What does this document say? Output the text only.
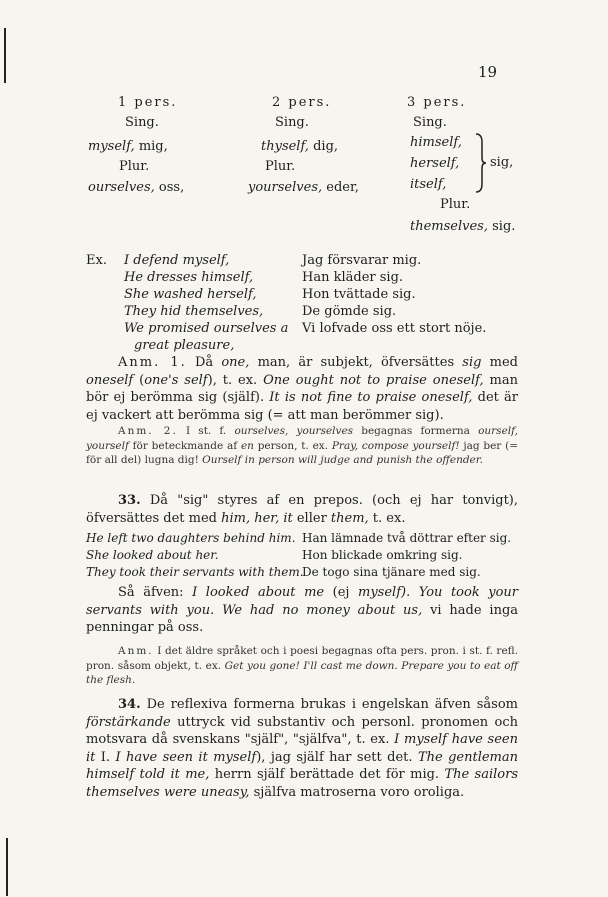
19
1 pers.
Sing.
myself, mig,
Plur.
ourselves, oss,
2 pers.
Sing.
thyself, dig,
Plur.
yourselves, eder,
3 pers.
Sing.
himself,
herself,
itself,
sig,
Plur.
themselves, sig.
Ex. I defend myself,
He dresses himself,
She washed herself,
They hid themselves,
We promised ourselves a
great pleasure,
Jag försvarar mig.
Han kläder sig.
Hon tvättade sig.
De gömde sig.
Vi lofvade oss ett stort nöje.
Anm. 1. Då one, man, är subjekt, öfversättes sig med oneself (one's self), t. ex. One ought not to praise oneself, man bör ej berömma sig (själf). It is not fine to praise oneself, det är ej vackert att berömma sig (= att man berömmer sig).
Anm. 2. I st. f. ourselves, yourselves begagnas formerna ourself, yourself för beteckmande af en person, t. ex. Pray, compose yourself! jag ber (= för all del) lugna dig! Ourself in person will judge and punish the offender.
33. Då "sig" styres af en prepos. (och ej har tonvigt), öfversättes det med him, her, it eller them, t. ex.
He left two daughters behind him. Han lämnade två döttrar efter sig.
She looked about her.	Hon blickade omkring sig.
They took their servants with them.
De togo sina tjänare med sig.
Så äfven: I looked about me (ej myself). You took your servants with you. We had no money about us, vi hade inga penningar på oss.
Anm. I det äldre språket och i poesi begagnas ofta pers. pron. i st. f. refl. pron. såsom objekt, t. ex. Get you gone! I'll cast me down. Prepare you to eat off the flesh.
34. De reflexiva formerna brukas i engelskan äfven såsom förstärkande uttryck vid substantiv och personl. pronomen och motsvara då svenskans "själf", "själfva", t. ex. I myself have seen it I. I have seen it myself), jag själf har sett det. The gentleman himself told it me, herrn själf berättade det för mig. The sailors themselves were uneasy, själfva matroserna voro oroliga.
